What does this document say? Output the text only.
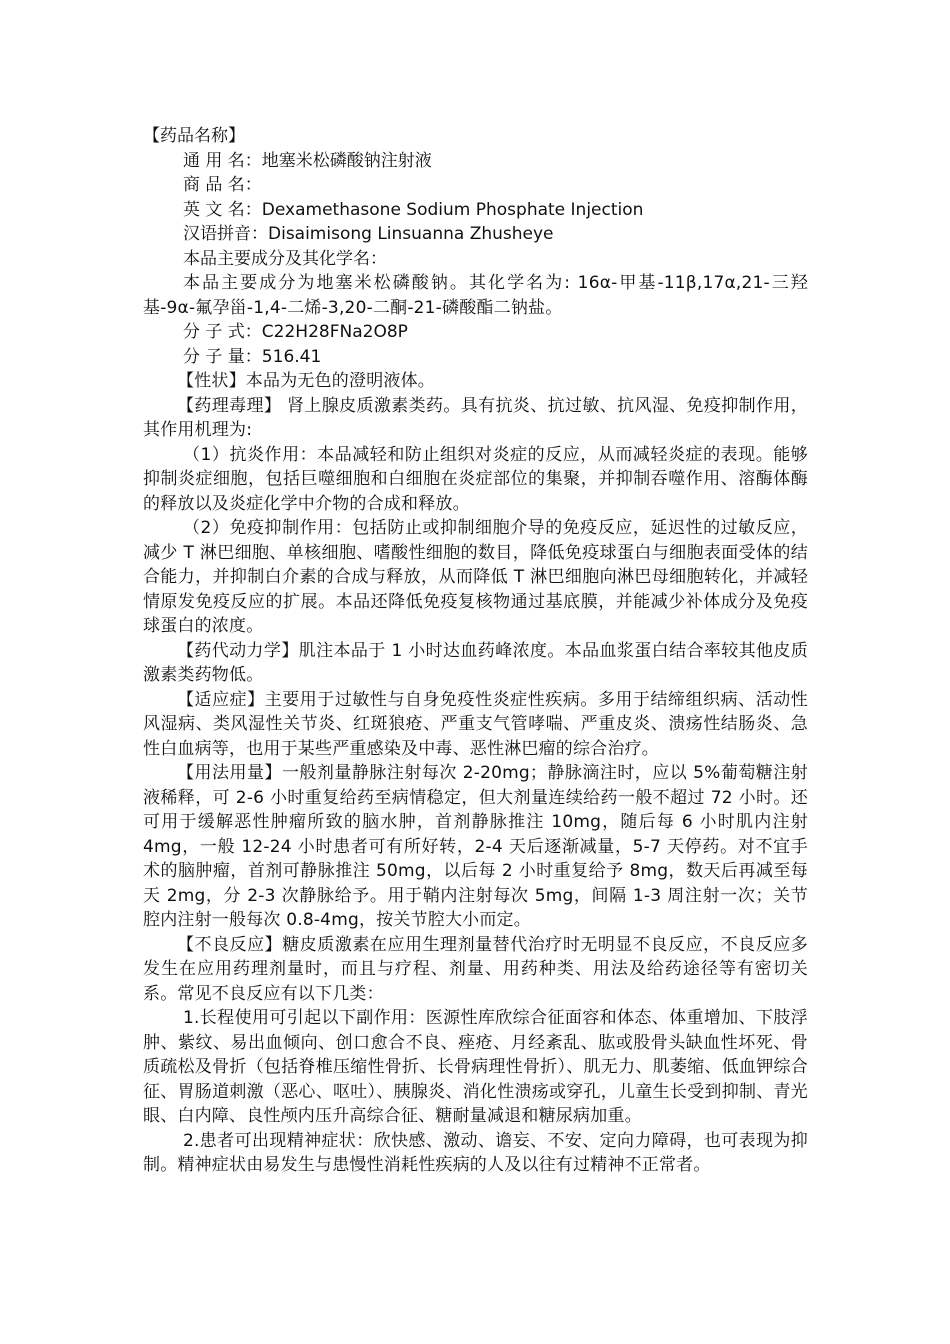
【药品名称】

通 用 名：地塞米松磷酸钠注射液

商 品 名：

英 文 名：Dexamethasone Sodium Phosphate Injection

汉语拼音：Disaimisong Linsuanna Zhusheye

本品主要成分及其化学名：

本品主要成分为地塞米松磷酸钠。其化学名为: 16α-甲基-11β,17α,21-三羟基-9α-氟孕甾-1,4-二烯-3,20-二酮-21-磷酸酯二钠盐。

分 子 式：C22H28FNa2O8P

分 子 量：516.41

【性状】本品为无色的澄明液体。

【药理毒理】 肾上腺皮质激素类药。具有抗炎、抗过敏、抗风湿、免疫抑制作用，其作用机理为:

（1）抗炎作用：本品减轻和防止组织对炎症的反应，从而减轻炎症的表现。能够抑制炎症细胞，包括巨噬细胞和白细胞在炎症部位的集聚，并抑制吞噬作用、溶酶体酶的释放以及炎症化学中介物的合成和释放。

（2）免疫抑制作用：包括防止或抑制细胞介导的免疫反应，延迟性的过敏反应，减少 T 淋巴细胞、单核细胞、嗜酸性细胞的数目，降低免疫球蛋白与细胞表面受体的结合能力，并抑制白介素的合成与释放，从而降低 T 淋巴细胞向淋巴母细胞转化，并减轻情原发免疫反应的扩展。本品还降低免疫复核物通过基底膜，并能减少补体成分及免疫球蛋白的浓度。

【药代动力学】肌注本品于 1 小时达血药峰浓度。本品血浆蛋白结合率较其他皮质激素类药物低。

【适应症】主要用于过敏性与自身免疫性炎症性疾病。多用于结缔组织病、活动性风湿病、类风湿性关节炎、红斑狼疮、严重支气管哮喘、严重皮炎、溃疡性结肠炎、急性白血病等，也用于某些严重感染及中毒、恶性淋巴瘤的综合治疗。

【用法用量】一般剂量静脉注射每次 2-20mg；静脉滴注时，应以 5%葡萄糖注射液稀释，可 2-6 小时重复给药至病情稳定，但大剂量连续给药一般不超过 72 小时。还可用于缓解恶性肿瘤所致的脑水肿，首剂静脉推注 10mg，随后每 6 小时肌内注射 4mg，一般 12-24 小时患者可有所好转，2-4 天后逐渐减量，5-7 天停药。对不宜手术的脑肿瘤，首剂可静脉推注 50mg，以后每 2 小时重复给予 8mg，数天后再减至每天 2mg，分 2-3 次静脉给予。用于鞘内注射每次 5mg，间隔 1-3 周注射一次；关节腔内注射一般每次 0.8-4mg，按关节腔大小而定。

【不良反应】糖皮质激素在应用生理剂量替代治疗时无明显不良反应，不良反应多发生在应用药理剂量时，而且与疗程、剂量、用药种类、用法及给药途径等有密切关系。常见不良反应有以下几类：

1.长程使用可引起以下副作用：医源性库欣综合征面容和体态、体重增加、下肢浮肿、紫纹、易出血倾向、创口愈合不良、痤疮、月经紊乱、肱或股骨头缺血性坏死、骨质疏松及骨折（包括脊椎压缩性骨折、长骨病理性骨折）、肌无力、肌萎缩、低血钾综合征、胃肠道刺激（恶心、呕吐）、胰腺炎、消化性溃疡或穿孔，儿童生长受到抑制、青光眼、白内障、良性颅内压升高综合征、糖耐量减退和糖尿病加重。

2.患者可出现精神症状：欣快感、激动、谵妄、不安、定向力障碍，也可表现为抑制。精神症状由易发生与患慢性消耗性疾病的人及以往有过精神不正常者。
